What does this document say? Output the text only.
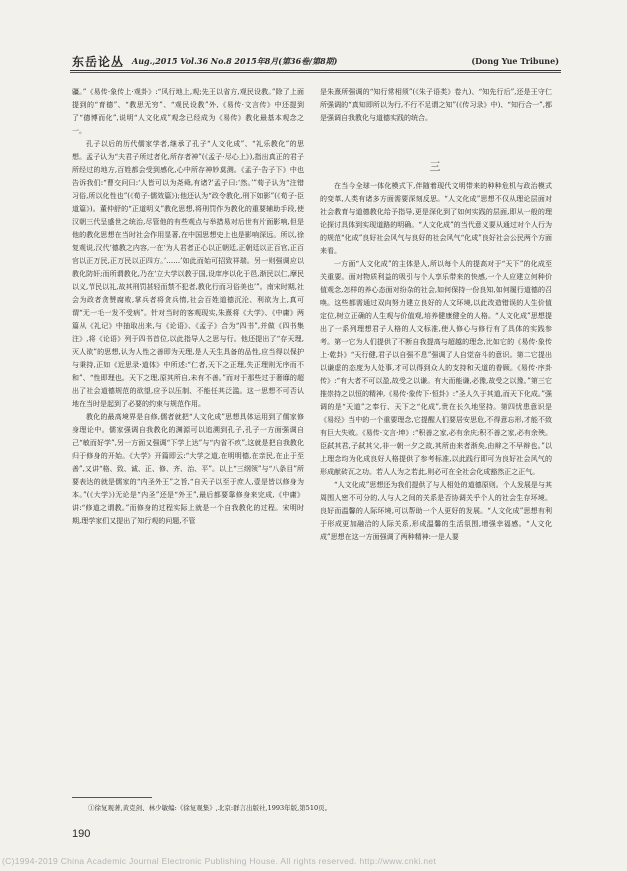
东岳论丛 Aug.,2015 Vol.36 No.8 2015年8月(第36卷/第8期)	(Dong Yue Tribune)

疆。”《易传·象传上·观卦》:“风行地上,观;先王以省方,观民设教。”除了上面提到的“育德”、“教思无穷”、“观民设教”外,《易传·文言传》中还提到了“德博而化”,说明“人文化成”观念已经成为《易传》教化最基本观念之一。

孔子以后的历代儒家学者,继承了孔子“人文化成”、“礼乐教化”的思想。孟子认为“夫君子所过者化,所存者神”(《孟子·尽心上》),指出真正的君子所经过的地方,百姓都会受到感化,心中所存神妙莫测。《孟子·告子下》中也告诉我们:“曹交问曰:‘人皆可以为尧舜,有诸?’孟子曰:‘然。’”荀子认为“注错习俗,所以化性也”(《荀子·儒效篇》);他还认为“政令教化,刑下如影”(《荀子·臣道篇》)。董仲舒的“正道明义”教化思想,将刑罚作为教化的重要辅助手段,使汉朝三代呈盛世之统治,尽管他的有些观点与举措易对后世有片面影响,但是他的教化思想在当时社会作用显著,在中国思想史上也是影响深远。所以,徐复观说,汉代‘德教之内容,一在‘为人君者正心以正朝廷,正朝廷以正百官,正百官以正万民,正万民以正四方。’……’如此而始可招致祥瑞。另一则强调应以教化防奸;而所谓教化,乃在‘立大学以教于国,设庠序以化于邑,渐民以仁,摩民以义,节民以礼,故其刑罚甚轻而禁不犯者,教化行而习俗美也’”。南宋时期,社会为政者贪赞腐败,掌兵者将贪兵惰,社会百姓道德沉沦、利欲为上,真可谓“无一毛一发不受病”。针对当时的客观现实,朱熹将《大学》、《中庸》两篇从《礼记》中抽取出来,与《论语》、《孟子》合为“四书”,并做《四书集注》,将《论语》列于四书首位,以此指导人之思与行。他还提出了“存天理,灭人欲”的思想,认为人性之善即为天理,是人天生具备的品性,应当得以保护与秉持,正如《近思录·道体》中所述:“仁者,天下之正理,失正理则无序而不和”、“性即理也。天下之理,原其所自,未有不善。”而对于那些过于奢靡的超出了社会道德规范的欲望,应予以压制、不能任其泛滥。这一思想不可否认地在当时是起到了必要的约束与规范作用。

教化的最高境界是自修,儒者就把“人文化成”思想具体运用到了儒家修身理论中。儒家强调自我教化的渊源可以追溯到孔子,孔子一方面强调自己“敏而好学”,另一方面又强调“下学上达”与“内省不疚”,这就是把自我教化归于修身的开始。《大学》开篇即云:“大学之道,在明明德,在亲民,在止于至善”,又讲“格、致、诚、正、修、齐、治、平”。以上“三纲领”与“八条目”所要表达的就是儒家的“内圣外王”之旨,“自天子以至于庶人,壹是皆以修身为本。”(《大学》)无论是“内圣”还是“外王”,最后都要靠修身来完成,《中庸》讲:“修道之谓教。”而修身的过程实际上就是一个自我教化的过程。宋明时期,理学家们又提出了知行观的问题,不管

是朱熹所强调的“知行常相须”(《朱子语类》卷九)、“知先行后”,还是王守仁所强调的“真知即所以为行,不行不足谓之知”(《传习录》中)、“知行合一”,都是强调自我教化与道德实践的统合。

三

在当今全球一体化模式下,伴随着现代文明带来的种种危机与政治模式的变革,人类有诸多方面需要深刻反思。“人文化成”思想不仅从理论层面对社会教育与道德教化给予指导,更是深化到了如何实践的层面,即从一般的理论探讨具体到实现道路的明确。“人文化成”的当代意义要从通过对个人行为的规范“化成”良好社会风气与良好的社会风气“化成”良好社会公民两个方面来看。

一方面“人文化成”的主体是人,所以每个人的提高对于“天下”的化成至关重要。面对物质利益的吸引与个人享乐带来的快感,一个人应建立何种价值观念,怎样的养心态面对纷杂的社会,如何保持一份良知,如何履行道德的召唤。这些都需通过双向努力建立良好的人文环境,以此改造错误的人生价值定位,树立正确的人生观与价值观,培养健康健全的人格。“人文化成”思想提出了一系列理想君子人格的人文标准,使人修心与修行有了具体的实践参考。第一它为人们提供了不断自我提高与超越的理念,比如它的《易传·象传上·乾卦》“天行健,君子以自强不息”强调了人自觉奋斗的意识。第二它提出以谦虚的态度为人处事,才可以得到众人的支持和天道的眷顾。《易传·序卦传》:“有大者不可以盈,故受之以谦。有大而能谦,必豫,故受之以豫。”第三它推崇持之以恒的精神,《易传·象传下·恒卦》:“圣人久于其道,而天下化成。”强调的是“天道”之奉行、天下之“化成”,贵在长久地坚持。第四忧患意识是《易经》当中的一个重要理念,它提醒人们要居安思危,不得意忘形,才能不致有巨大失败。《易传·文言·坤》:“积善之家,必有余庆;积不善之家,必有余殃。臣弑其君,子弑其父,非一朝一夕之故,其所由来者渐矣,由辩之不早辩也。”以上理念均为化成良好人格提供了参考标准,以此践行即可为良好社会风气的形成献砖瓦之功。若人人为之若此,则必可在全社会化成豁然正之正气。

“人文化成”思想还为我们提供了与人相处的道德原则。个人发展是与其周围人密不可分的,人与人之间的关系是否协调关乎个人的社会生存环境。良好而温馨的人际环境,可以帮助一个人更好的发展。“人文化成”思想有利于形成更加融洽的人际关系,形成温馨的生活氛围,增强幸福感。“人文化成”思想在这一方面强调了两种精神:一是人要

①徐复观著,黄克剑、林少敏编:《徐复观集》,北京:群言出版社,1993年版,第510页。
190
(C)1994-2019 China Academic Journal Electronic Publishing House. All rights reserved. http://www.cnki.net
